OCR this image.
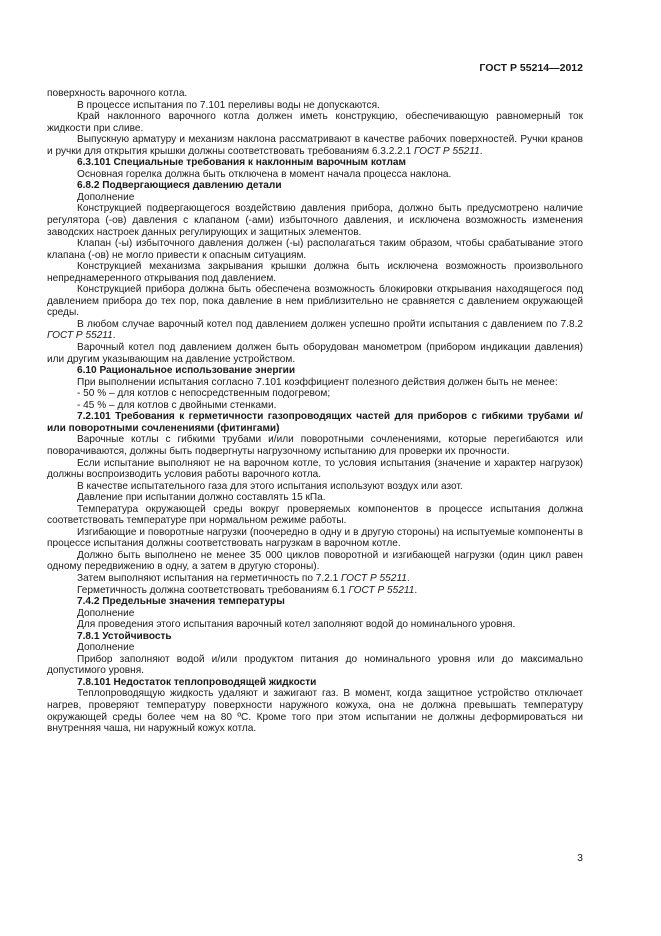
ГОСТ Р 55214—2012

поверхность варочного котла.

В процессе испытания по 7.101 переливы воды не допускаются.

Край наклонного варочного котла должен иметь конструкцию, обеспечивающую равномерный ток жидкости при сливе.

Выпускную арматуру и механизм наклона рассматривают в качестве рабочих поверхностей. Ручки кранов и ручки для открытия крышки должны соответствовать требованиям 6.3.2.2.1 ГОСТ Р 55211.

6.3.101 Специальные требования к наклонным варочным котлам

Основная горелка должна быть отключена в момент начала процесса наклона.

6.8.2 Подвергающиеся давлению детали

Дополнение

Конструкцией подвергающегося воздействию давления прибора, должно быть предусмотрено наличие регулятора (-ов) давления с клапаном (-ами) избыточного давления, и исключена возможность изменения заводских настроек данных регулирующих и защитных элементов.

Клапан (-ы) избыточного давления должен (-ы) располагаться таким образом, чтобы срабатывание этого клапана (-ов) не могло привести к опасным ситуациям.

Конструкцией механизма закрывания крышки должна быть исключена возможность произвольного непреднамеренного открывания под давлением.

Конструкцией прибора должна быть обеспечена возможность блокировки открывания находящегося под давлением прибора до тех пор, пока давление в нем приблизительно не сравняется с давлением окружающей среды.

В любом случае варочный котел под давлением должен успешно пройти испытания с давлением по 7.8.2 ГОСТ Р 55211.

Варочный котел под давлением должен быть оборудован манометром (прибором индикации давления) или другим указывающим на давление устройством.

6.10 Рациональное использование энергии

При выполнении испытания согласно 7.101 коэффициент полезного действия должен быть не менее:

- 50 % – для котлов с непосредственным подогревом;

- 45 % – для котлов с двойными стенками.

7.2.101 Требования к герметичности газопроводящих частей для приборов с гибкими трубами и/или поворотными сочленениями (фитингами)

Варочные котлы с гибкими трубами и/или поворотными сочленениями, которые перегибаются или поворачиваются, должны быть подвергнуты нагрузочному испытанию для проверки их прочности.

Если испытание выполняют не на варочном котле, то условия испытания (значение и характер нагрузок) должны воспроизводить условия работы варочного котла.

В качестве испытательного газа для этого испытания используют воздух или азот.

Давление при испытании должно составлять 15 кПа.

Температура окружающей среды вокруг проверяемых компонентов в процессе испытания должна соответствовать температуре при нормальном режиме работы.

Изгибающие и поворотные нагрузки (поочередно в одну и в другую стороны) на испытуемые компоненты в процессе испытания должны соответствовать нагрузкам в варочном котле.

Должно быть выполнено не менее 35 000 циклов поворотной и изгибающей нагрузки (один цикл равен одному передвижению в одну, а затем в другую стороны).

Затем выполняют испытания на герметичность по 7.2.1 ГОСТ Р 55211.

Герметичность должна соответствовать требованиям 6.1 ГОСТ Р 55211.

7.4.2 Предельные значения температуры

Дополнение

Для проведения этого испытания варочный котел заполняют водой до номинального уровня.

7.8.1 Устойчивость

Дополнение

Прибор заполняют водой и/или продуктом питания до номинального уровня или до максимально допустимого уровня.

7.8.101 Недостаток теплопроводящей жидкости

Теплопроводящую жидкость удаляют и зажигают газ. В момент, когда защитное устройство отключает нагрев, проверяют температуру поверхности наружного кожуха, она не должна превышать температуру окружающей среды более чем на 80 ºC. Кроме того при этом испытании не должны деформироваться ни внутренняя чаша, ни наружный кожух котла.

3
